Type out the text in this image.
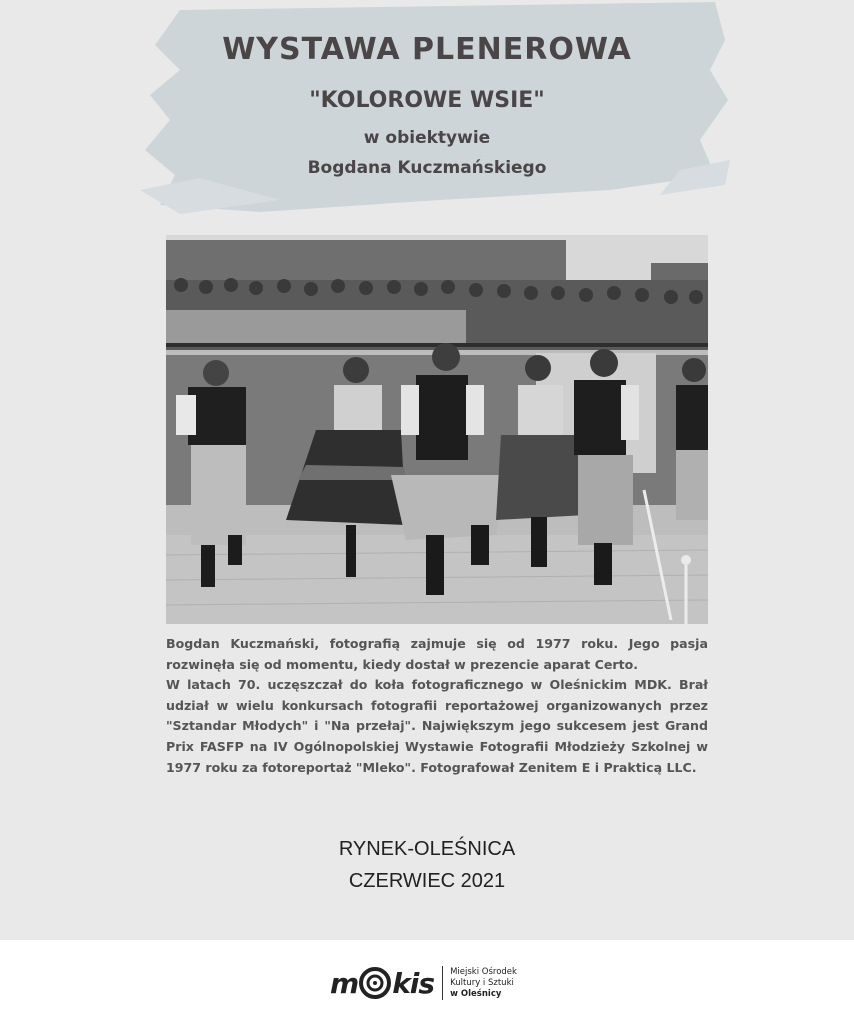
WYSTAWA PLENEROWA
"KOLOROWE WSIE"
w obiektywie
Bogdana Kuczmańskiego

Bogdan Kuczmański, fotografią zajmuje się od 1977 roku. Jego pasja rozwinęła się od momentu, kiedy dostał w prezencie aparat Certo.

W latach 70. uczęszczał do koła fotograficznego w Oleśnickim MDK. Brał udział w wielu konkursach fotografii reportażowej organizowanych przez "Sztandar Młodych" i "Na przełaj". Największym jego sukcesem jest Grand Prix FASFP na IV Ogólnopolskiej Wystawie Fotografii Młodzieży Szkolnej w 1977 roku za fotoreportaż "Mleko". Fotografował Zenitem E i Prakticą LLC.

RYNEK-OLEŚNICA
CZERWIEC 2021
m kis Miejski Ośrodek
Kultury i Sztuki
w Oleśnicy
